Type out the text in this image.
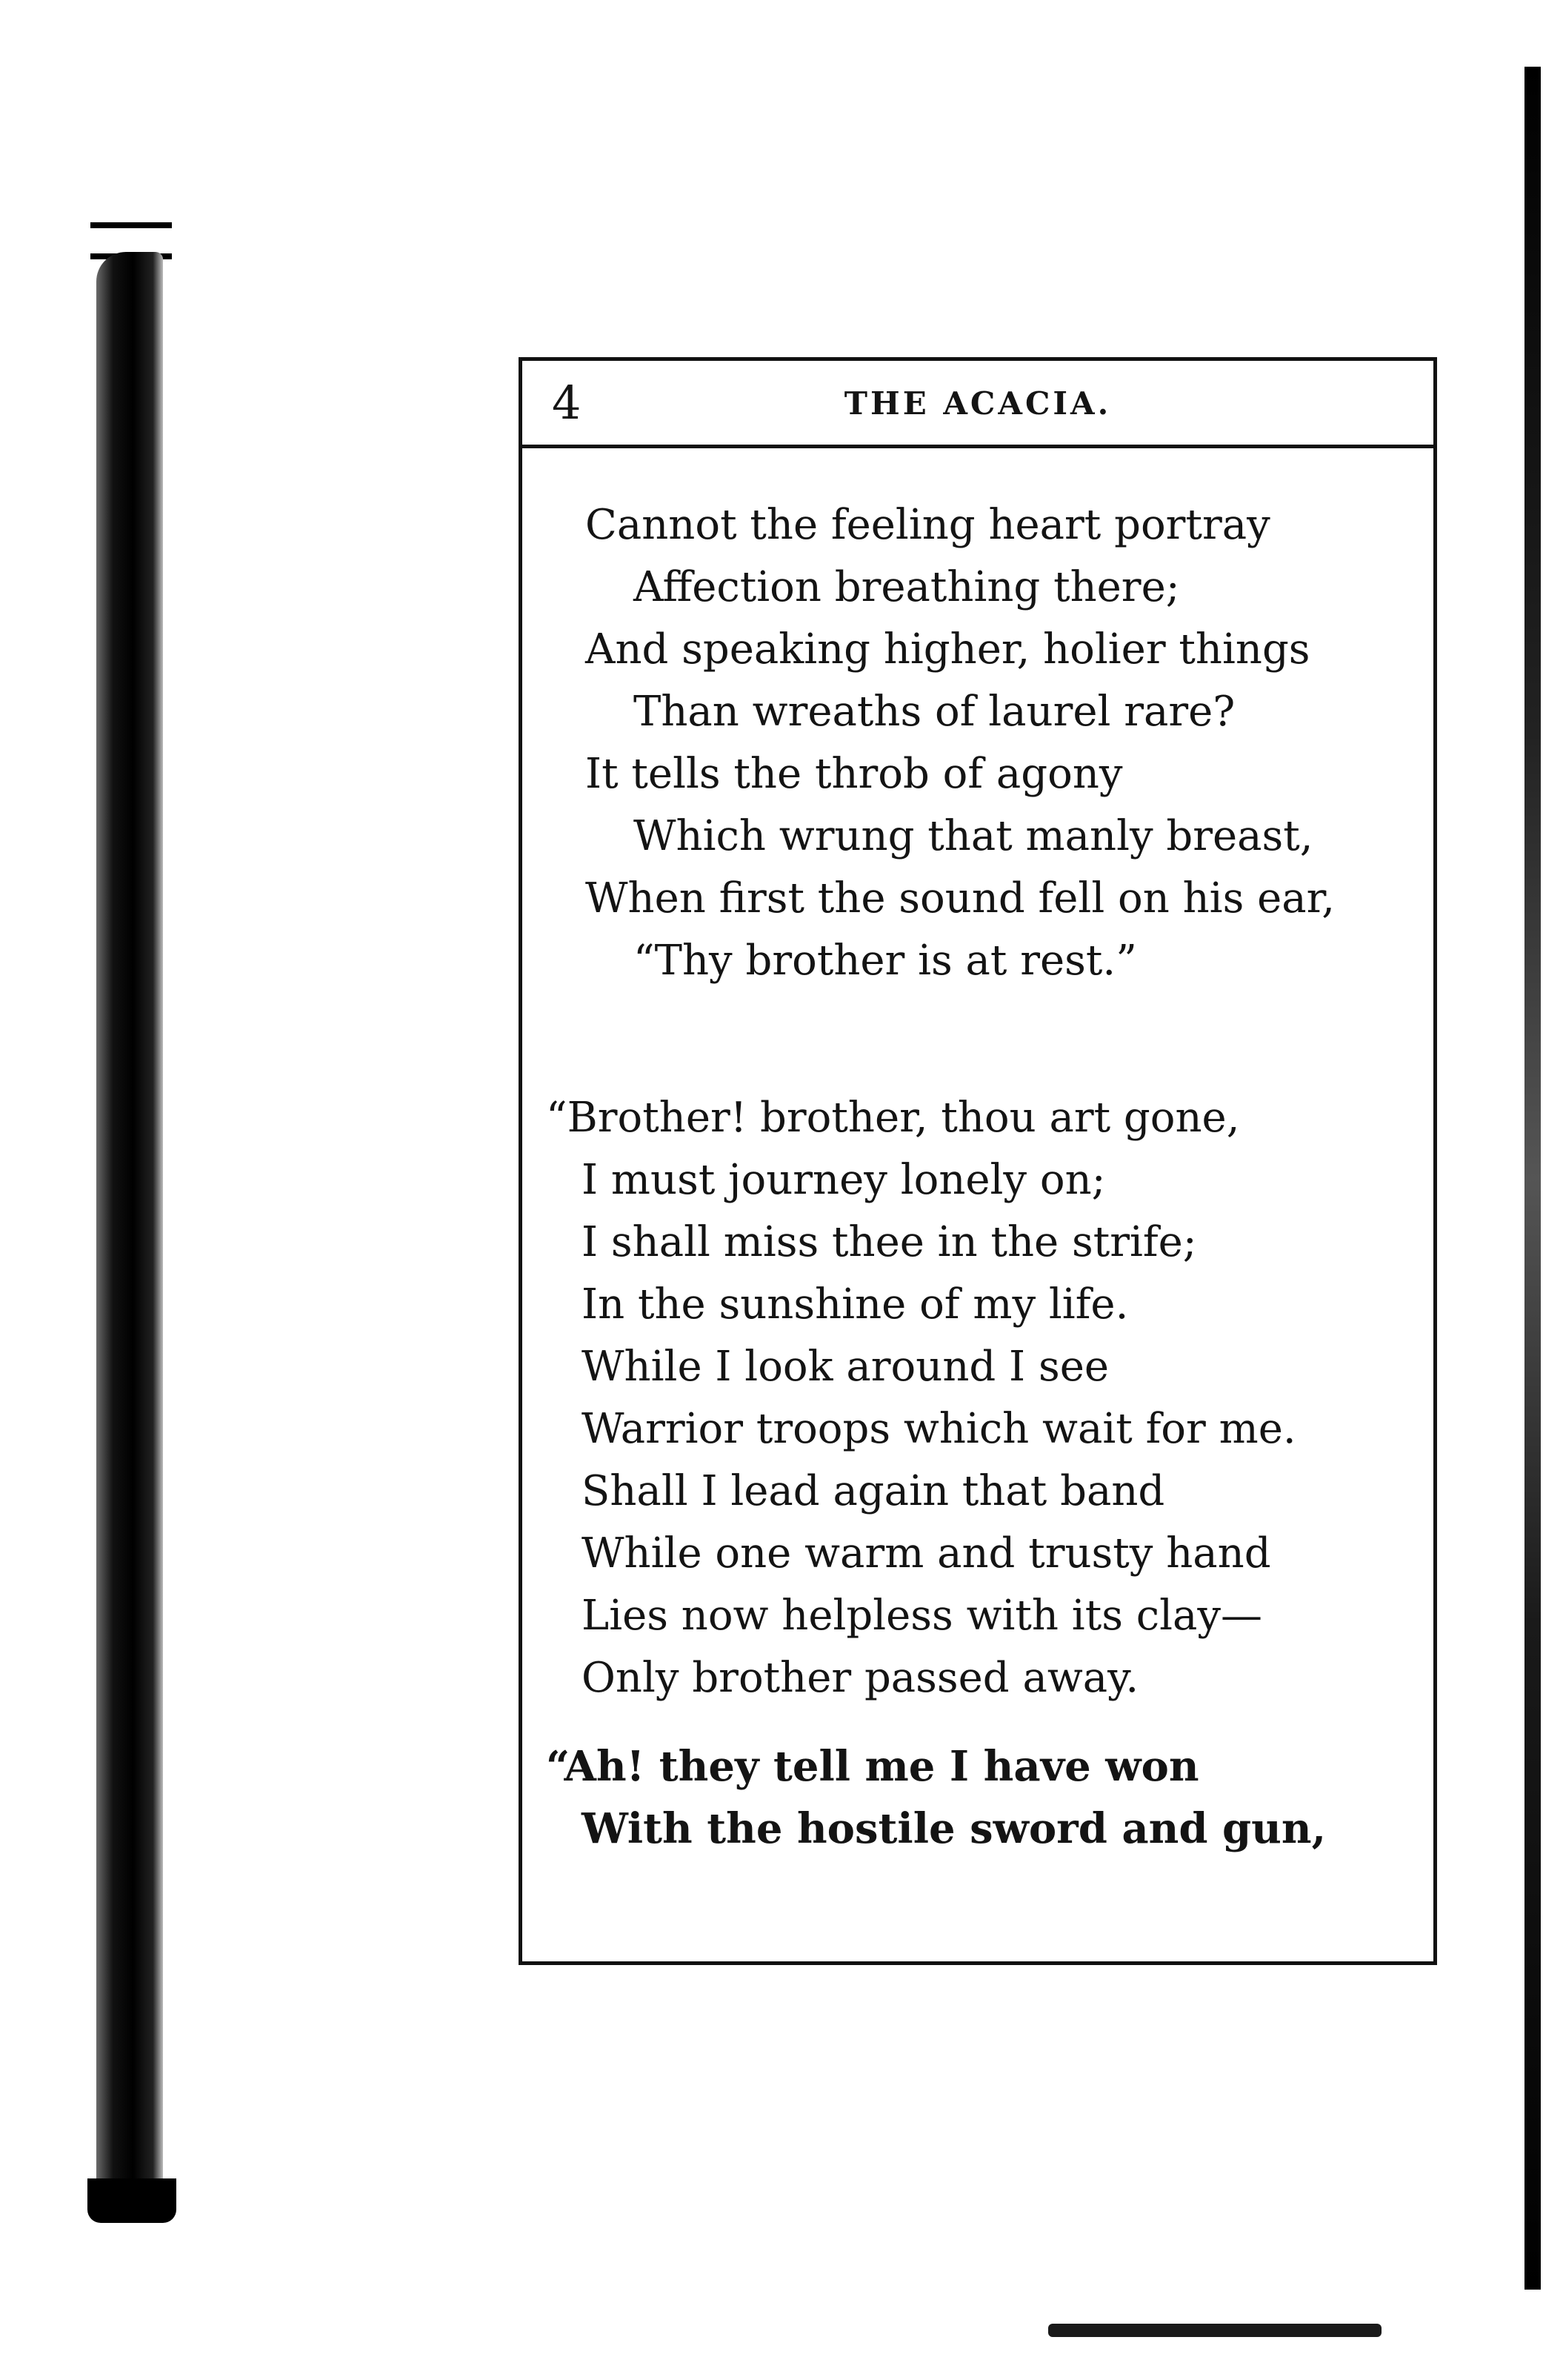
4	THE ACACIA.
Cannot the feeling heart portray
Affection breathing there;
And speaking higher, holier things
Than wreaths of laurel rare?
It tells the throb of agony
Which wrung that manly breast,
When first the sound fell on his ear,
“Thy brother is at rest.”
“Brother! brother, thou art gone,
I must journey lonely on;
I shall miss thee in the strife;
In the sunshine of my life.
While I look around I see
Warrior troops which wait for me.
Shall I lead again that band
While one warm and trusty hand
Lies now helpless with its clay—
Only brother passed away.
“Ah! they tell me I have won
With the hostile sword and gun,
